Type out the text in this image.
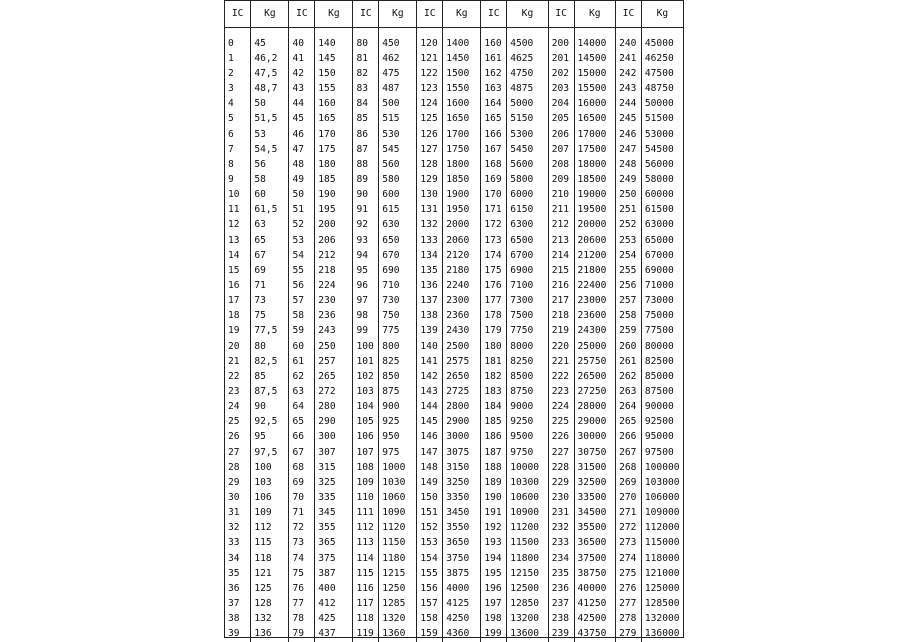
IC	Kg	IC	Kg	IC	Kg	IC	Kg	IC	Kg	IC	Kg	IC	Kg

0	45	40	140	80	450	120	1400	160	4500	200	14000	240	45000
1	46,2	41	145	81	462	121	1450	161	4625	201	14500	241	46250
2	47,5	42	150	82	475	122	1500	162	4750	202	15000	242	47500
3	48,7	43	155	83	487	123	1550	163	4875	203	15500	243	48750
4	50	44	160	84	500	124	1600	164	5000	204	16000	244	50000
5	51,5	45	165	85	515	125	1650	165	5150	205	16500	245	51500
6	53	46	170	86	530	126	1700	166	5300	206	17000	246	53000
7	54,5	47	175	87	545	127	1750	167	5450	207	17500	247	54500
8	56	48	180	88	560	128	1800	168	5600	208	18000	248	56000
9	58	49	185	89	580	129	1850	169	5800	209	18500	249	58000
10	60	50	190	90	600	130	1900	170	6000	210	19000	250	60000
11	61,5	51	195	91	615	131	1950	171	6150	211	19500	251	61500
12	63	52	200	92	630	132	2000	172	6300	212	20000	252	63000
13	65	53	206	93	650	133	2060	173	6500	213	20600	253	65000
14	67	54	212	94	670	134	2120	174	6700	214	21200	254	67000
15	69	55	218	95	690	135	2180	175	6900	215	21800	255	69000
16	71	56	224	96	710	136	2240	176	7100	216	22400	256	71000
17	73	57	230	97	730	137	2300	177	7300	217	23000	257	73000
18	75	58	236	98	750	138	2360	178	7500	218	23600	258	75000
19	77,5	59	243	99	775	139	2430	179	7750	219	24300	259	77500
20	80	60	250	100	800	140	2500	180	8000	220	25000	260	80000
21	82,5	61	257	101	825	141	2575	181	8250	221	25750	261	82500
22	85	62	265	102	850	142	2650	182	8500	222	26500	262	85000
23	87,5	63	272	103	875	143	2725	183	8750	223	27250	263	87500
24	90	64	280	104	900	144	2800	184	9000	224	28000	264	90000
25	92,5	65	290	105	925	145	2900	185	9250	225	29000	265	92500
26	95	66	300	106	950	146	3000	186	9500	226	30000	266	95000
27	97,5	67	307	107	975	147	3075	187	9750	227	30750	267	97500
28	100	68	315	108	1000	148	3150	188	10000	228	31500	268	100000
29	103	69	325	109	1030	149	3250	189	10300	229	32500	269	103000
30	106	70	335	110	1060	150	3350	190	10600	230	33500	270	106000
31	109	71	345	111	1090	151	3450	191	10900	231	34500	271	109000
32	112	72	355	112	1120	152	3550	192	11200	232	35500	272	112000
33	115	73	365	113	1150	153	3650	193	11500	233	36500	273	115000
34	118	74	375	114	1180	154	3750	194	11800	234	37500	274	118000
35	121	75	387	115	1215	155	3875	195	12150	235	38750	275	121000
36	125	76	400	116	1250	156	4000	196	12500	236	40000	276	125000
37	128	77	412	117	1285	157	4125	197	12850	237	41250	277	128500
38	132	78	425	118	1320	158	4250	198	13200	238	42500	278	132000
39	136	79	437	119	1360	159	4360	199	13600	239	43750	279	136000
